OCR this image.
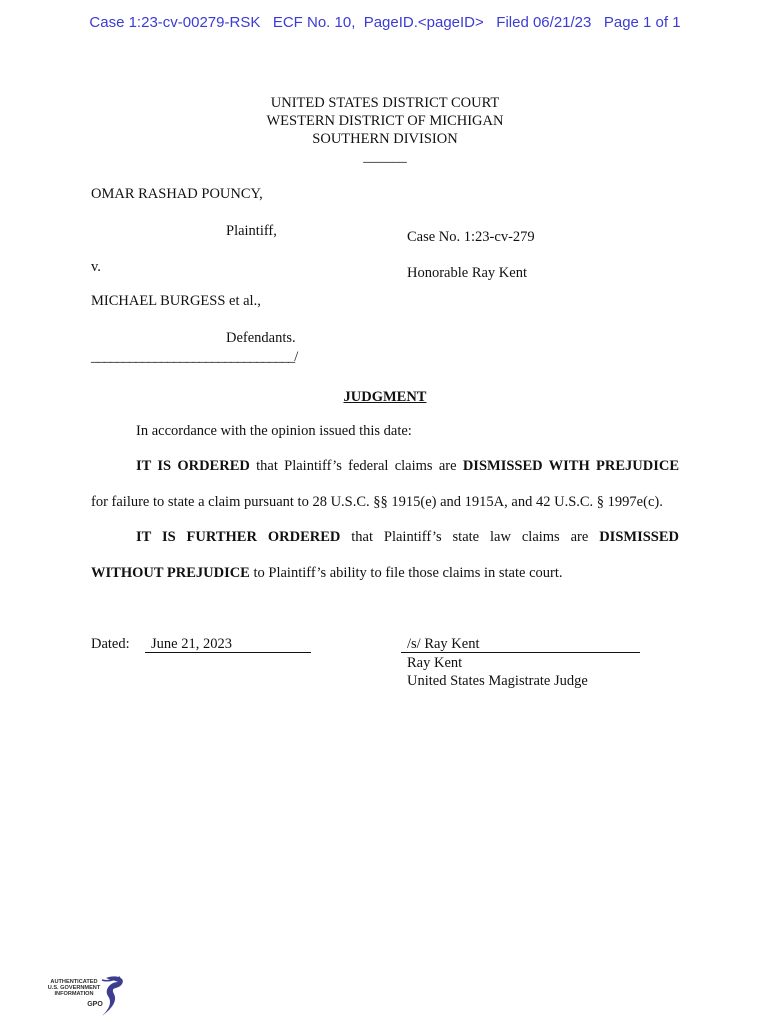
Case 1:23-cv-00279-RSK   ECF No. 10,  PageID.<pageID>   Filed 06/21/23   Page 1 of 1
UNITED STATES DISTRICT COURT
WESTERN DISTRICT OF MICHIGAN
SOUTHERN DIVISION
______
OMAR RASHAD POUNCY,
Plaintiff,	Case No. 1:23-cv-279
v.	Honorable Ray Kent
MICHAEL BURGESS et al.,
Defendants.
________________________________/
JUDGMENT
In accordance with the opinion issued this date:
IT IS ORDERED that Plaintiff’s federal claims are DISMISSED WITH PREJUDICE
for failure to state a claim pursuant to 28 U.S.C. §§ 1915(e) and 1915A, and 42 U.S.C. § 1997e(c).
IT IS FURTHER ORDERED that Plaintiff’s state law claims are DISMISSED
WITHOUT PREJUDICE to Plaintiff’s ability to file those claims in state court.
Dated: June 21, 2023	/s/ Ray Kent
Ray Kent
United States Magistrate Judge
AUTHENTICATED
U.S. GOVERNMENT
INFORMATION
GPO
